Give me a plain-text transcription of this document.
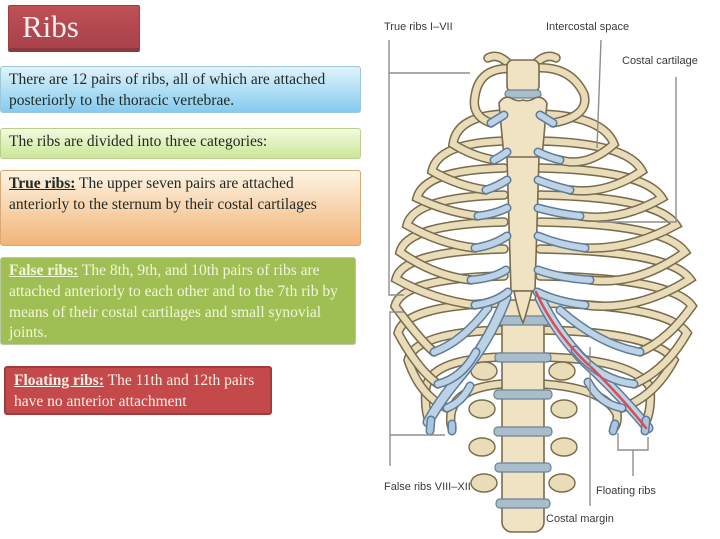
Ribs
There are 12 pairs of ribs, all of which are attached posteriorly to the thoracic vertebrae.
The ribs are divided into three categories:
True ribs: The upper seven pairs are attached anteriorly to the sternum by their costal cartilages
False ribs: The 8th, 9th, and 10th pairs of ribs are attached anteriorly to each other and to the 7th rib by means of their costal cartilages and small synovial joints.
Floating ribs: The 11th and 12th pairs have no anterior attachment
True ribs I–VII	Intercostal space
Costal cartilage
False ribs VIII–XII	Floating ribs
Costal margin
